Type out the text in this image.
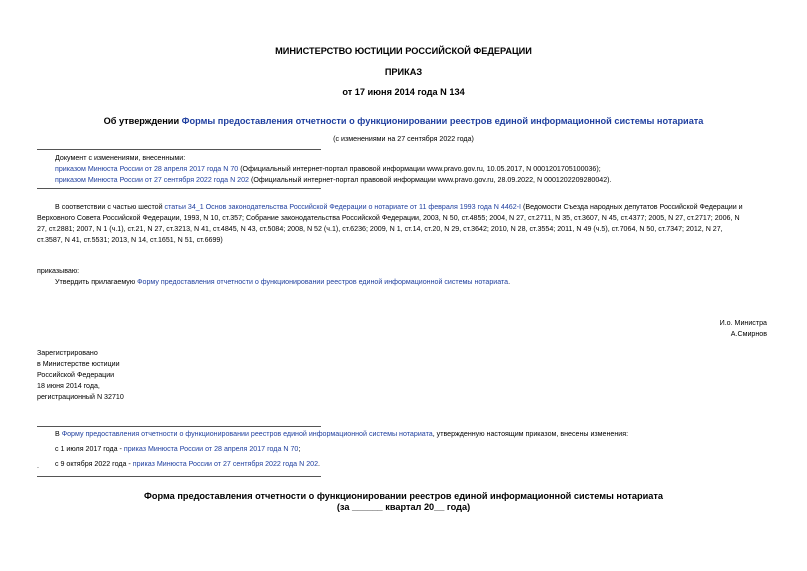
МИНИСТЕРСТВО ЮСТИЦИИ РОССИЙСКОЙ ФЕДЕРАЦИИ
ПРИКАЗ
от 17 июня 2014 года N 134
Об утверждении Формы предоставления отчетности о функционировании реестров единой информационной системы нотариата
(с изменениями на 27 сентября 2022 года)
Документ с изменениями, внесенными:
приказом Минюста России от 28 апреля 2017 года N 70 (Официальный интернет-портал правовой информации www.pravo.gov.ru, 10.05.2017, N 0001201705100036);
приказом Минюста России от 27 сентября 2022 года N 202 (Официальный интернет-портал правовой информации www.pravo.gov.ru, 28.09.2022, N 0001202209280042).
В соответствии с частью шестой статьи 34_1 Основ законодательства Российской Федерации о нотариате от 11 февраля 1993 года N 4462-I (Ведомости Съезда народных депутатов Российской Федерации и
Верховного Совета Российской Федерации, 1993, N 10, ст.357; Собрание законодательства Российской Федерации, 2003, N 50, ст.4855; 2004, N 27, ст.2711, N 35, ст.3607, N 45, ст.4377; 2005, N 27, ст.2717; 2006, N
27, ст.2881; 2007, N 1 (ч.1), ст.21, N 27, ст.3213, N 41, ст.4845, N 43, ст.5084; 2008, N 52 (ч.1), ст.6236; 2009, N 1, ст.14, ст.20, N 29, ст.3642; 2010, N 28, ст.3554; 2011, N 49 (ч.5), ст.7064, N 50, ст.7347; 2012, N 27,
ст.3587, N 41, ст.5531; 2013, N 14, ст.1651, N 51, ст.6699)
приказываю:
Утвердить прилагаемую Форму предоставления отчетности о функционировании реестров единой информационной системы нотариата.
И.о. Министра
А.Смирнов
Зарегистрировано
в Министерстве юстиции
Российской Федерации
18 июня 2014 года,
регистрационный N 32710
В Форму предоставления отчетности о функционировании реестров единой информационной системы нотариата, утвержденную настоящим приказом, внесены изменения:
с 1 июля 2017 года - приказ Минюста России от 28 апреля 2017 года N 70;
с 9 октября 2022 года - приказ Минюста России от 27 сентября 2022 года N 202.
.
Форма предоставления отчетности о функционировании реестров единой информационной системы нотариата
(за ______ квартал 20__ года)
